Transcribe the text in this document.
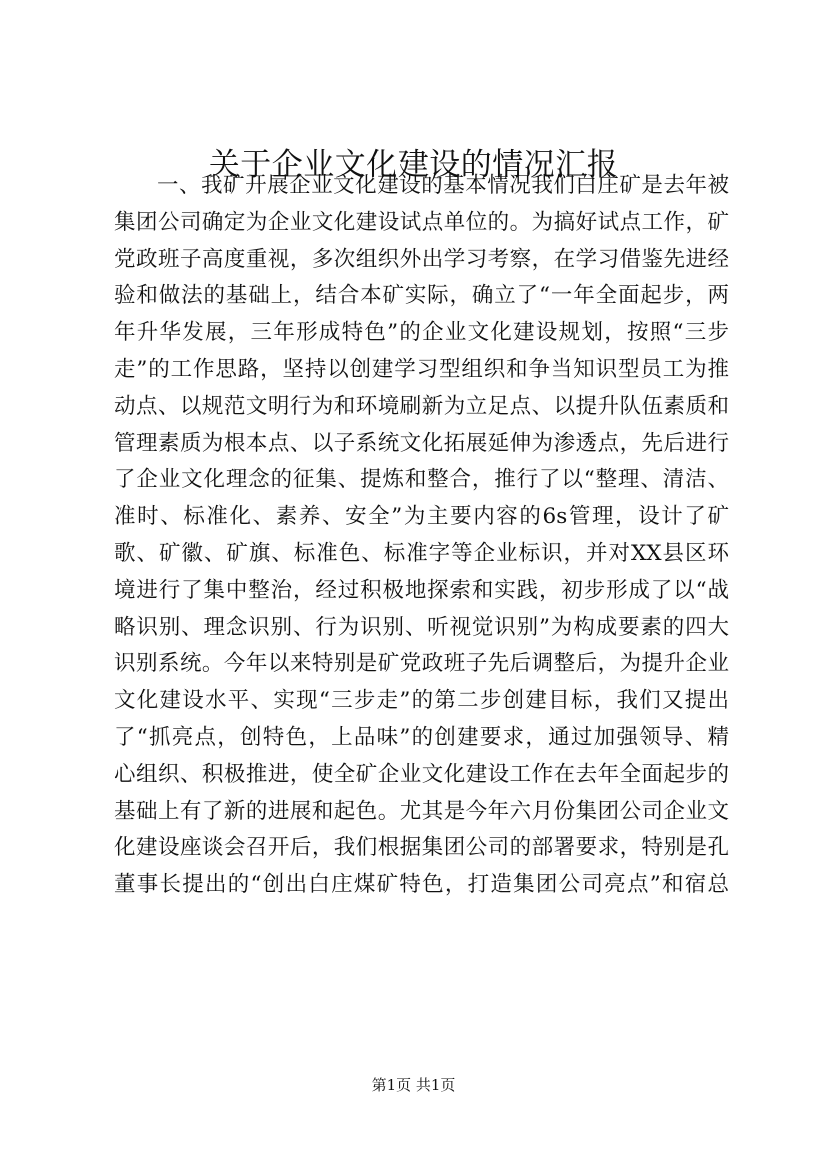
关于企业文化建设的情况汇报
一、我矿开展企业文化建设的基本情况我们白庄矿是去年被
集团公司确定为企业文化建设试点单位的。为搞好试点工作，矿
党政班子高度重视，多次组织外出学习考察，在学习借鉴先进经
验和做法的基础上，结合本矿实际，确立了“一年全面起步，两
年升华发展，三年形成特色”的企业文化建设规划，按照“三步
走”的工作思路，坚持以创建学习型组织和争当知识型员工为推
动点、以规范文明行为和环境刷新为立足点、以提升队伍素质和
管理素质为根本点、以子系统文化拓展延伸为渗透点，先后进行
了企业文化理念的征集、提炼和整合，推行了以“整理、清洁、
准时、标准化、素养、安全”为主要内容的6s管理，设计了矿
歌、矿徽、矿旗、标准色、标准字等企业标识，并对XX县区环
境进行了集中整治，经过积极地探索和实践，初步形成了以“战
略识别、理念识别、行为识别、听视觉识别”为构成要素的四大
识别系统。今年以来特别是矿党政班子先后调整后，为提升企业
文化建设水平、实现“三步走”的第二步创建目标，我们又提出
了“抓亮点，创特色，上品味”的创建要求，通过加强领导、精
心组织、积极推进，使全矿企业文化建设工作在去年全面起步的
基础上有了新的进展和起色。尤其是今年六月份集团公司企业文
化建设座谈会召开后，我们根据集团公司的部署要求，特别是孔
董事长提出的“创出白庄煤矿特色，打造集团公司亮点”和宿总
第1页 共1页
